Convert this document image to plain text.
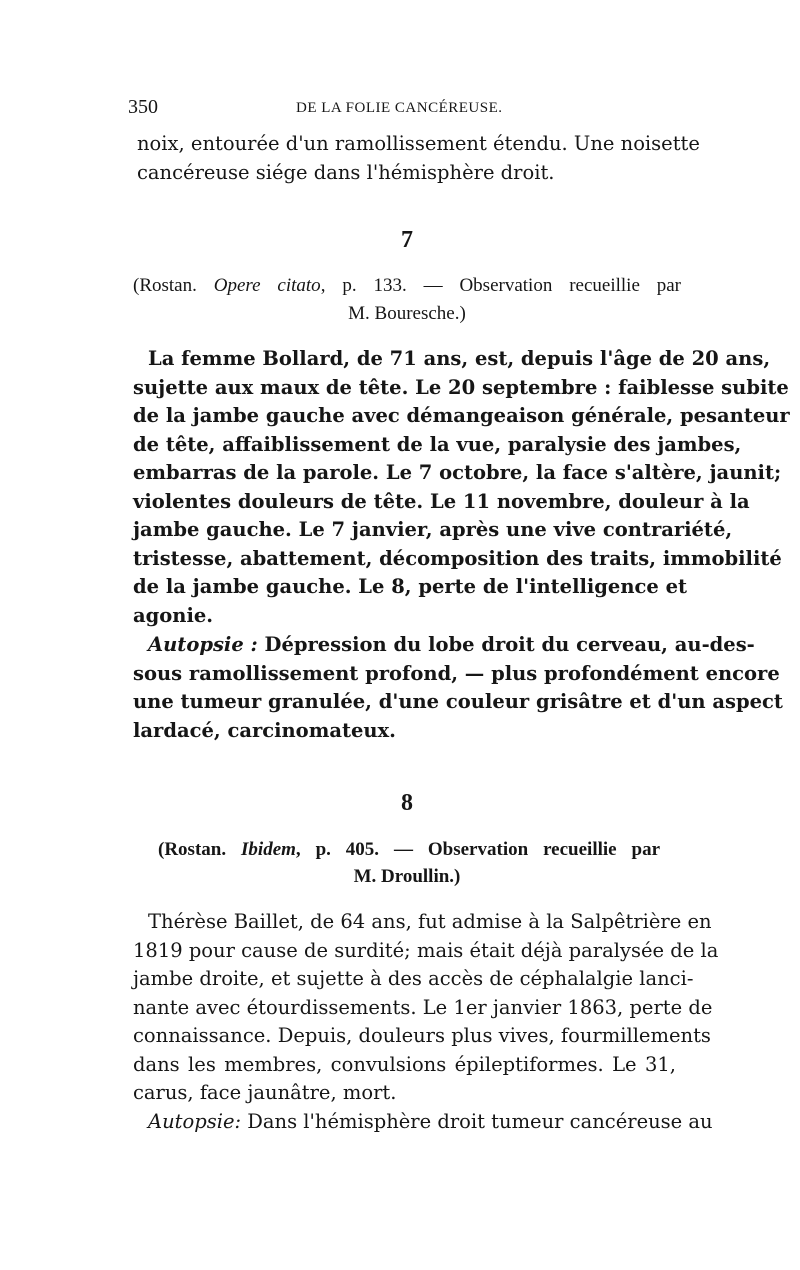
350	DE LA FOLIE CANCÉREUSE.
noix, entourée d'un ramollissement étendu. Une noisette
cancéreuse siége dans l'hémisphère droit.
7
(Rostan. Opere citato, p. 133. — Observation recueillie par
M. Bouresche.)
La femme Bollard, de 71 ans, est, depuis l'âge de 20 ans,
sujette aux maux de tête. Le 20 septembre : faiblesse subite
de la jambe gauche avec démangeaison générale, pesanteur
de tête, affaiblissement de la vue, paralysie des jambes,
embarras de la parole. Le 7 octobre, la face s'altère, jaunit;
violentes douleurs de tête. Le 11 novembre, douleur à la
jambe gauche. Le 7 janvier, après une vive contrariété,
tristesse, abattement, décomposition des traits, immobilité
de la jambe gauche. Le 8, perte de l'intelligence et
agonie.
Autopsie : Dépression du lobe droit du cerveau, au-des-
sous ramollissement profond, — plus profondément encore
une tumeur granulée, d'une couleur grisâtre et d'un aspect
lardacé, carcinomateux.
8
(Rostan. Ibidem, p. 405. — Observation recueillie par
M. Droullin.)
Thérèse Baillet, de 64 ans, fut admise à la Salpêtrière en
1819 pour cause de surdité; mais était déjà paralysée de la
jambe droite, et sujette à des accès de céphalalgie lanci-
nante avec étourdissements. Le 1er janvier 1863, perte de
connaissance. Depuis, douleurs plus vives, fourmillements
dans les membres, convulsions épileptiformes. Le 31,
carus, face jaunâtre, mort.
Autopsie: Dans l'hémisphère droit tumeur cancéreuse au
